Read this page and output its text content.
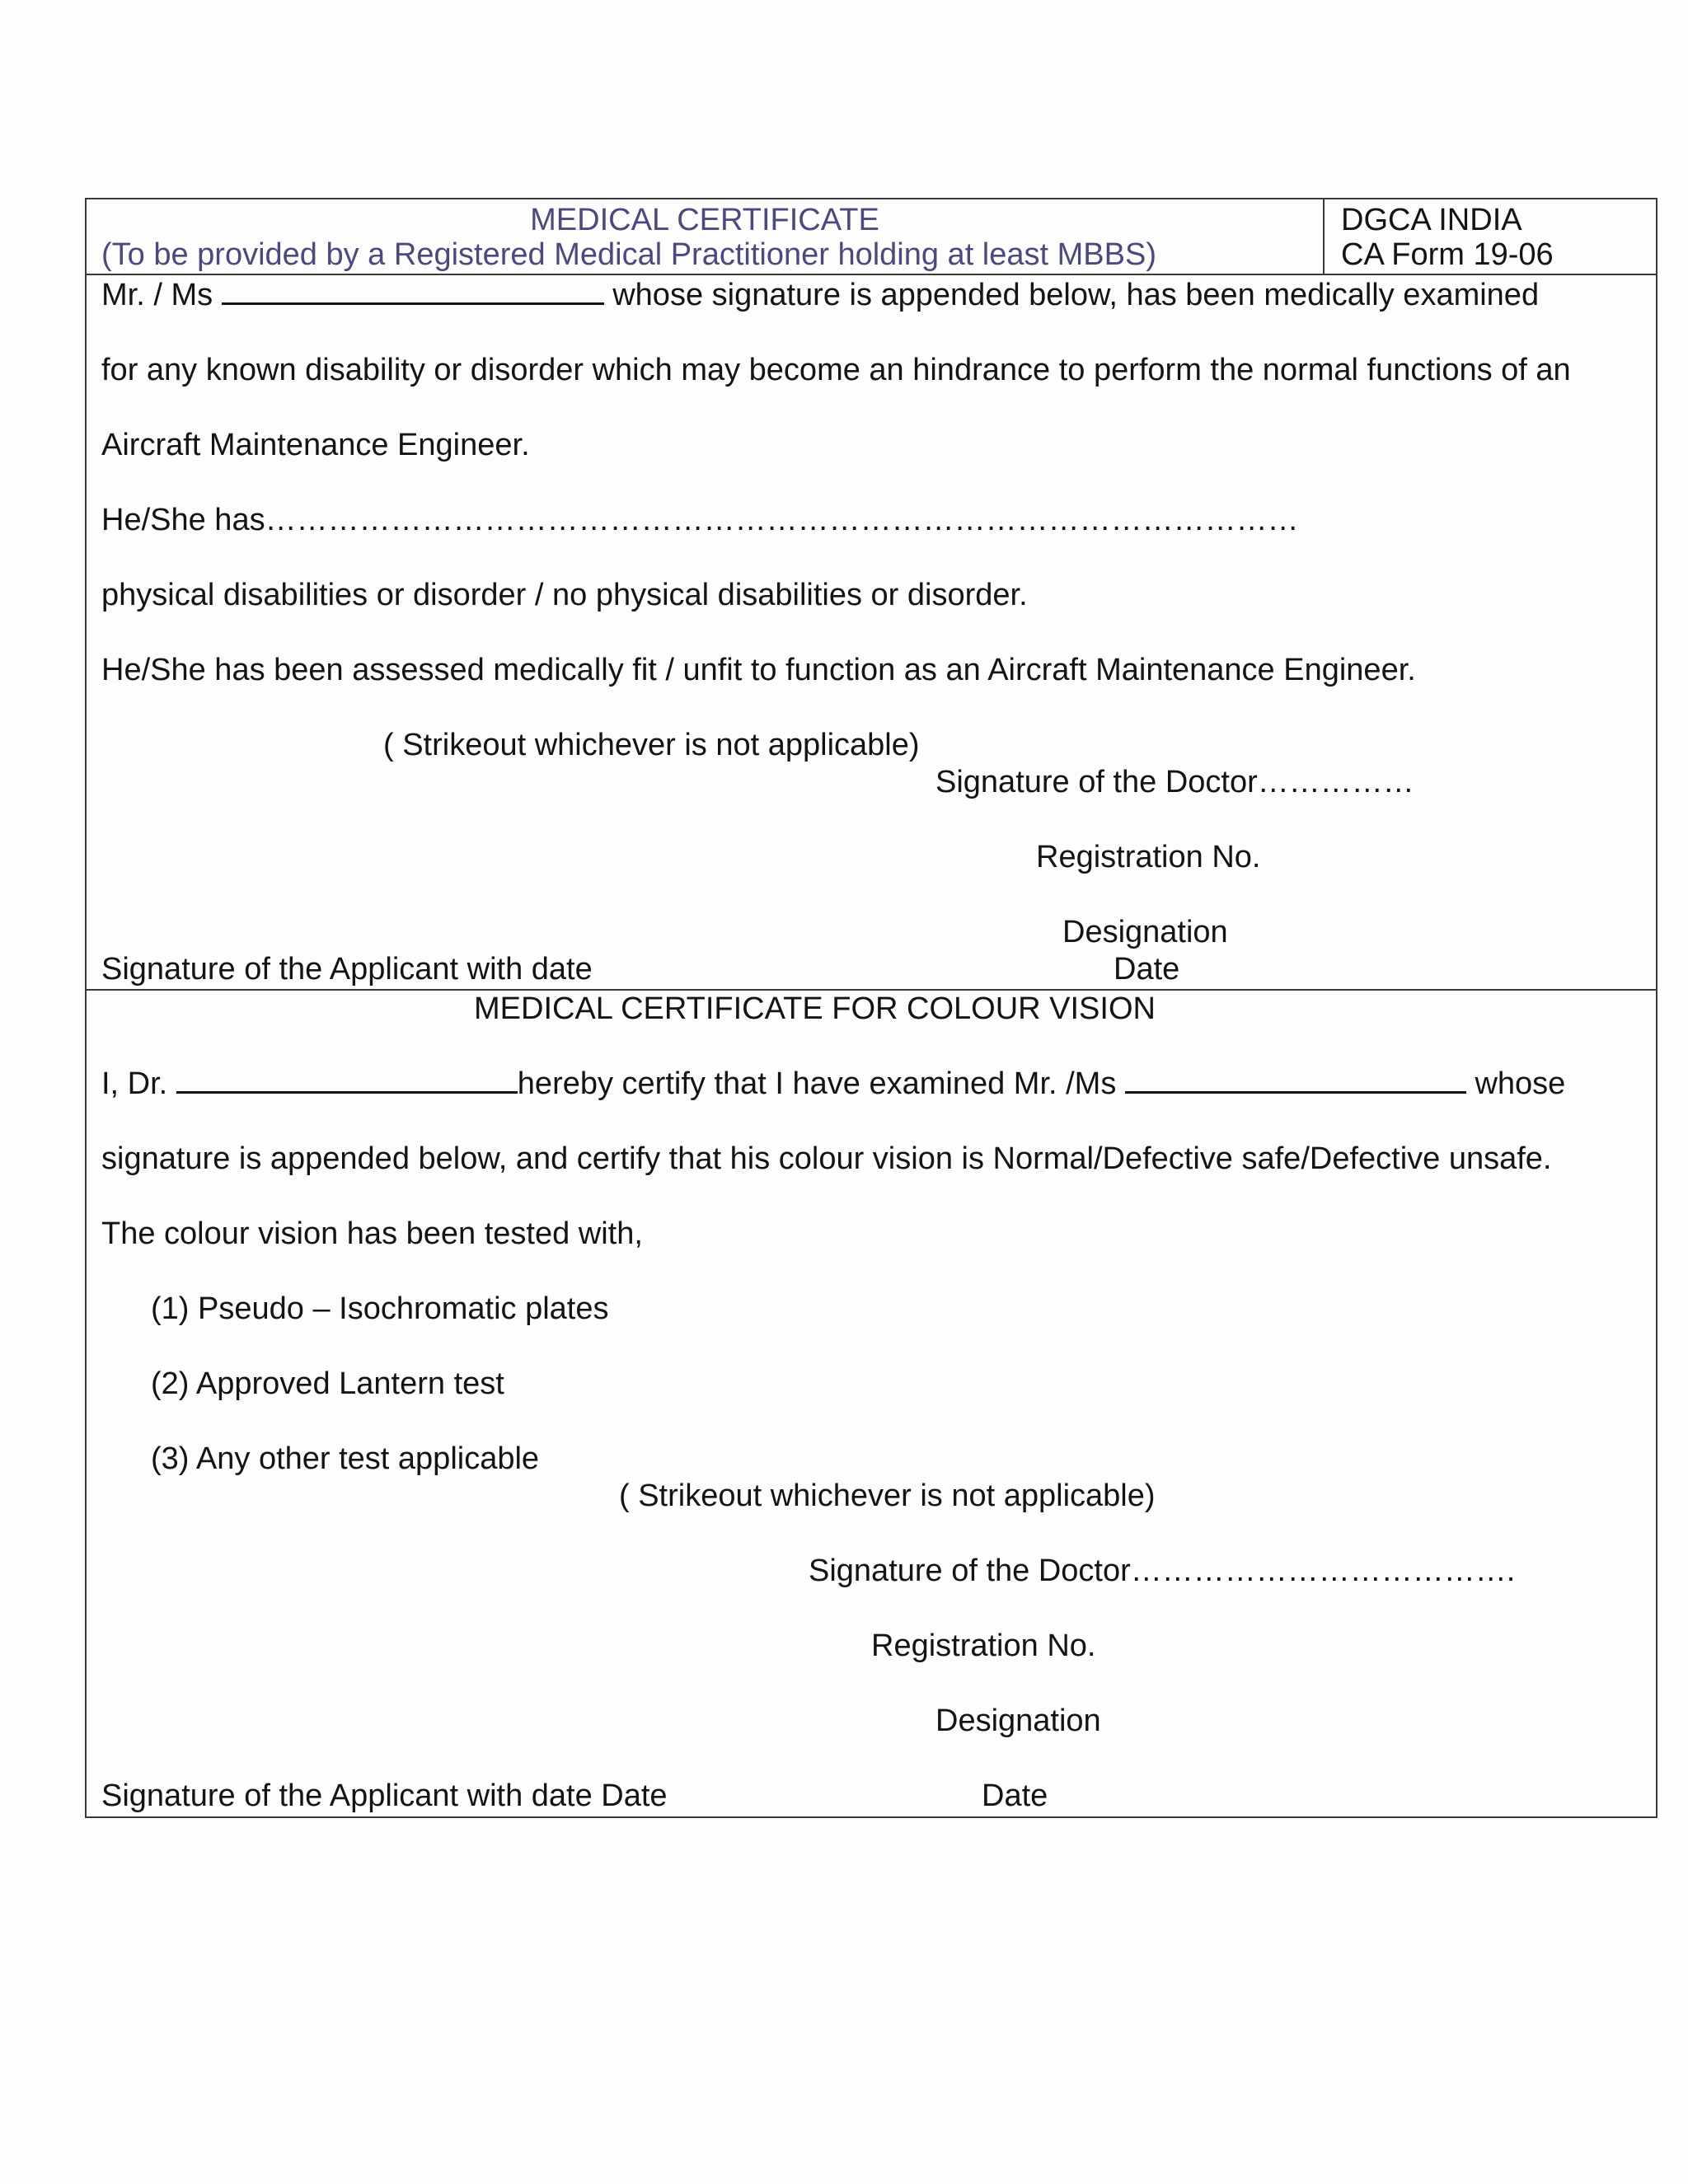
MEDICAL CERTIFICATE
(To be provided by a Registered Medical Practitioner holding at least MBBS)

DGCA INDIA
CA Form 19-06

Mr. / Ms	whose signature is appended below, has been medically examined
for any known disability or disorder which may become an hindrance to perform the normal functions of an
Aircraft Maintenance Engineer.
He/She has………………………………………………………………………………………
physical disabilities or disorder / no physical disabilities or disorder.
He/She has been assessed medically fit / unfit to function as an Aircraft Maintenance Engineer.
( Strikeout whichever is not applicable)
Signature of the Doctor……………
Registration No.
Designation
Date
Signature of the Applicant with date

MEDICAL CERTIFICATE FOR COLOUR VISION
I, Dr.	hereby certify that I have examined Mr. /Ms	whose
signature is appended below, and certify that his colour vision is Normal/Defective safe/Defective unsafe.
The colour vision has been tested with,
(1) Pseudo – Isochromatic plates
(2) Approved Lantern test
(3) Any other test applicable
( Strikeout whichever is not applicable)
Signature of the Doctor……………………………….
Registration No.
Designation
Signature of the Applicant with date Date	Date
